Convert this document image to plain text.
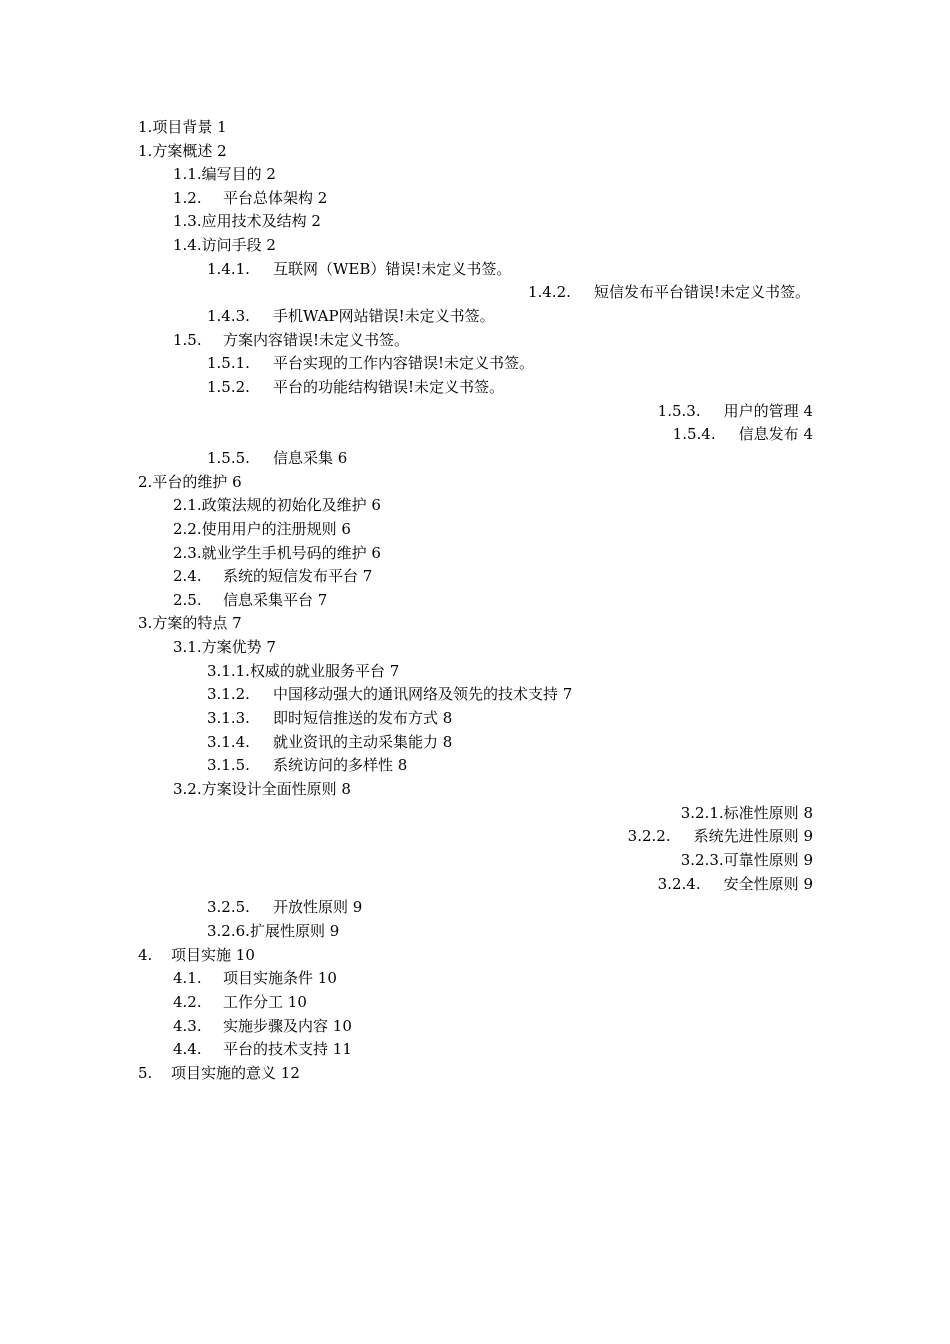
1.项目背景 1
1.方案概述 2
1.1.编写目的 2
1.2. 平台总体架构 2
1.3.应用技术及结构 2
1.4.访问手段 2
1.4.1. 互联网（WEB）错误!未定义书签。
1.4.2. 短信发布平台错误!未定义书签。
1.4.3. 手机WAP网站错误!未定义书签。
1.5. 方案内容错误!未定义书签。
1.5.1. 平台实现的工作内容错误!未定义书签。
1.5.2. 平台的功能结构错误!未定义书签。
1.5.3. 用户的管理 4
1.5.4. 信息发布 4
1.5.5. 信息采集 6
2.平台的维护 6
2.1.政策法规的初始化及维护 6
2.2.使用用户的注册规则 6
2.3.就业学生手机号码的维护 6
2.4. 系统的短信发布平台 7
2.5. 信息采集平台 7
3.方案的特点 7
3.1.方案优势 7
3.1.1.权威的就业服务平台 7
3.1.2. 中国移动强大的通讯网络及领先的技术支持 7
3.1.3. 即时短信推送的发布方式 8
3.1.4. 就业资讯的主动采集能力 8
3.1.5. 系统访问的多样性 8
3.2.方案设计全面性原则 8
3.2.1.标准性原则 8
3.2.2. 系统先进性原则 9
3.2.3.可靠性原则 9
3.2.4. 安全性原则 9
3.2.5. 开放性原则 9
3.2.6.扩展性原则 9
4. 项目实施 10
4.1. 项目实施条件 10
4.2. 工作分工 10
4.3. 实施步骤及内容 10
4.4. 平台的技术支持 11
5. 项目实施的意义 12
